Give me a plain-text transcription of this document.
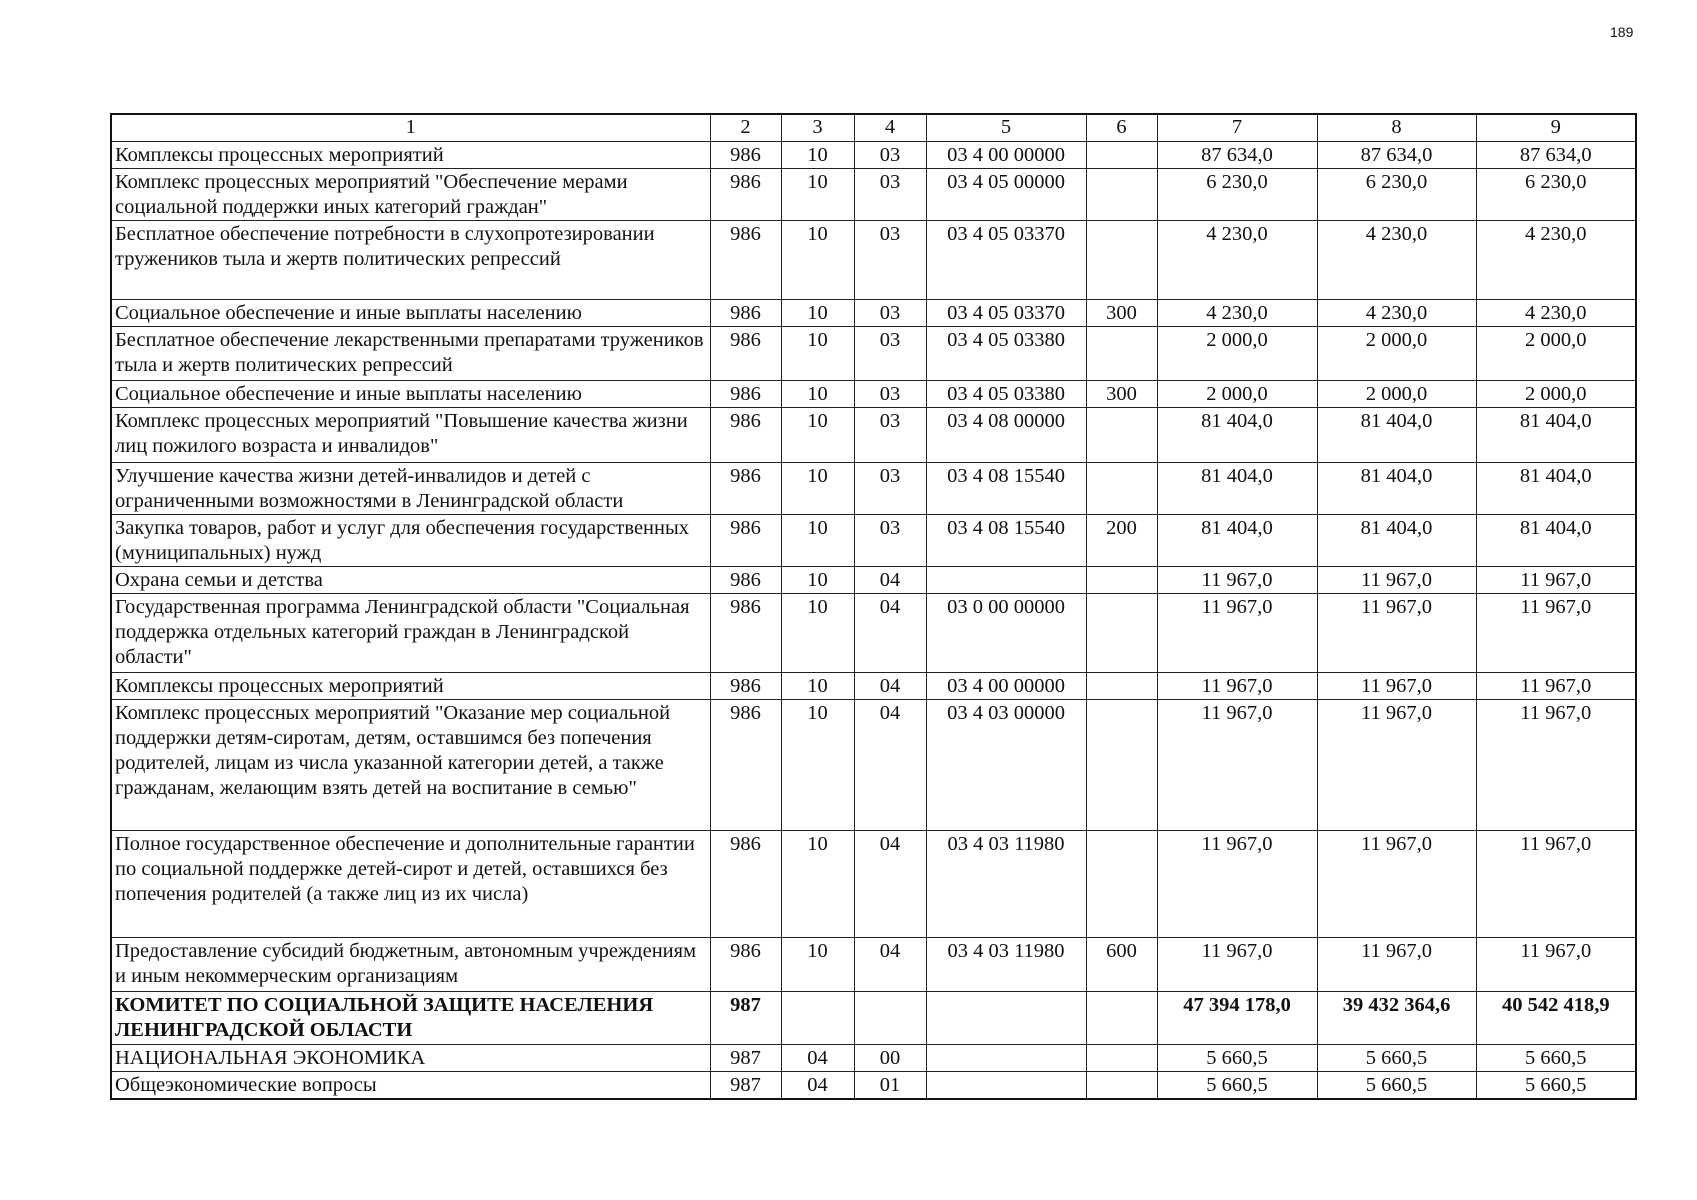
189
1	2	3	4	5	6	7	8	9
Комплексы процессных мероприятий	986	10	03	03 4 00 00000		87 634,0	87 634,0	87 634,0
Комплекс процессных мероприятий "Обеспечение мерами социальной поддержки иных категорий граждан"	986	10	03	03 4 05 00000		6 230,0	6 230,0	6 230,0
Бесплатное обеспечение потребности в слухопротезировании тружеников тыла и жертв политических репрессий	986	10	03	03 4 05 03370		4 230,0	4 230,0	4 230,0
Социальное обеспечение и иные выплаты населению	986	10	03	03 4 05 03370	300	4 230,0	4 230,0	4 230,0
Бесплатное обеспечение лекарственными препаратами тружеников тыла и жертв политических репрессий	986	10	03	03 4 05 03380		2 000,0	2 000,0	2 000,0
Социальное обеспечение и иные выплаты населению	986	10	03	03 4 05 03380	300	2 000,0	2 000,0	2 000,0
Комплекс процессных мероприятий "Повышение качества жизни лиц пожилого возраста и инвалидов"	986	10	03	03 4 08 00000		81 404,0	81 404,0	81 404,0
Улучшение качества жизни детей-инвалидов и детей с ограниченными возможностями в Ленинградской области	986	10	03	03 4 08 15540		81 404,0	81 404,0	81 404,0
Закупка товаров, работ и услуг для обеспечения государственных (муниципальных) нужд	986	10	03	03 4 08 15540	200	81 404,0	81 404,0	81 404,0
Охрана семьи и детства	986	10	04			11 967,0	11 967,0	11 967,0
Государственная программа Ленинградской области "Социальная поддержка отдельных категорий граждан в Ленинградской области"	986	10	04	03 0 00 00000		11 967,0	11 967,0	11 967,0
Комплексы процессных мероприятий	986	10	04	03 4 00 00000		11 967,0	11 967,0	11 967,0
Комплекс процессных мероприятий "Оказание мер социальной поддержки детям-сиротам, детям, оставшимся без попечения родителей, лицам из числа указанной категории детей, а также гражданам, желающим взять детей на воспитание в семью"	986	10	04	03 4 03 00000		11 967,0	11 967,0	11 967,0
Полное государственное обеспечение и дополнительные гарантии по социальной поддержке детей-сирот и детей, оставшихся без попечения родителей (а также лиц из их числа)	986	10	04	03 4 03 11980		11 967,0	11 967,0	11 967,0
Предоставление субсидий бюджетным, автономным учреждениям и иным некоммерческим организациям	986	10	04	03 4 03 11980	600	11 967,0	11 967,0	11 967,0
КОМИТЕТ ПО СОЦИАЛЬНОЙ ЗАЩИТЕ НАСЕЛЕНИЯ ЛЕНИНГРАДСКОЙ ОБЛАСТИ	987					47 394 178,0	39 432 364,6	40 542 418,9
НАЦИОНАЛЬНАЯ ЭКОНОМИКА	987	04	00			5 660,5	5 660,5	5 660,5
Общеэкономические вопросы	987	04	01			5 660,5	5 660,5	5 660,5
